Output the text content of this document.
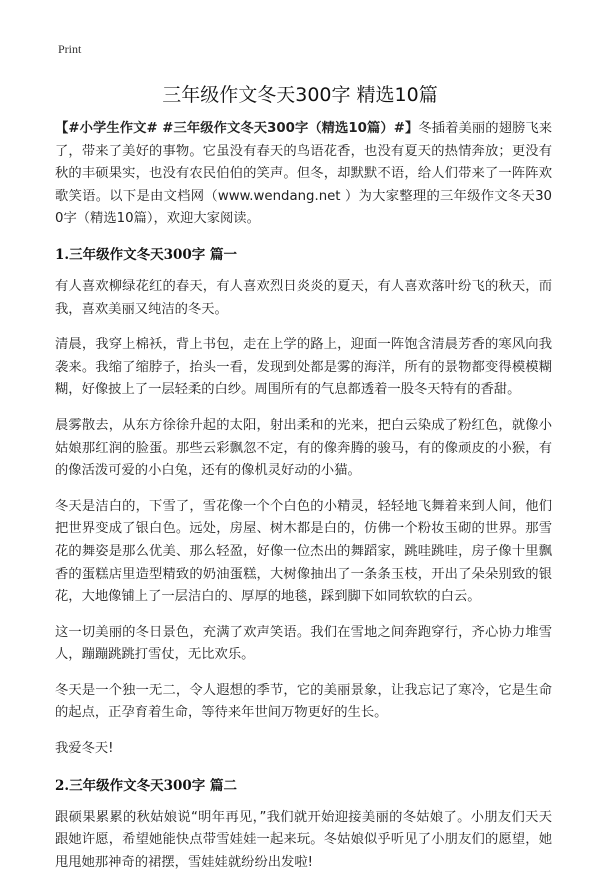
Print
三年级作文冬天300字 精选10篇

【#小学生作文# #三年级作文冬天300字（精选10篇）#】冬插着美丽的翅膀飞来了，带来了美好的事物。它虽没有春天的鸟语花香，也没有夏天的热情奔放；更没有秋的丰硕果实，也没有农民伯伯的笑声。但冬，却默默不语，给人们带来了一阵阵欢歌笑语。以下是由文档网（www.wendang.net ）为大家整理的三年级作文冬天300字（精选10篇），欢迎大家阅读。

1.三年级作文冬天300字 篇一

有人喜欢柳绿花红的春天，有人喜欢烈日炎炎的夏天，有人喜欢落叶纷飞的秋天，而我，喜欢美丽又纯洁的冬天。

清晨，我穿上棉袄，背上书包，走在上学的路上，迎面一阵饱含清晨芳香的寒风向我袭来。我缩了缩脖子，抬头一看，发现到处都是雾的海洋，所有的景物都变得模模糊糊，好像披上了一层轻柔的白纱。周围所有的气息都透着一股冬天特有的香甜。

晨雾散去，从东方徐徐升起的太阳，射出柔和的光来，把白云染成了粉红色，就像小姑娘那红润的脸蛋。那些云彩飘忽不定，有的像奔腾的骏马，有的像顽皮的小猴，有的像活泼可爱的小白兔，还有的像机灵好动的小猫。

冬天是洁白的，下雪了，雪花像一个个白色的小精灵，轻轻地飞舞着来到人间，他们把世界变成了银白色。远处，房屋、树木都是白的，仿佛一个粉妆玉砌的世界。那雪花的舞姿是那么优美、那么轻盈，好像一位杰出的舞蹈家，跳哇跳哇，房子像十里飘香的蛋糕店里造型精致的奶油蛋糕，大树像抽出了一条条玉枝，开出了朵朵别致的银花，大地像铺上了一层洁白的、厚厚的地毯，踩到脚下如同软软的白云。

这一切美丽的冬日景色，充满了欢声笑语。我们在雪地之间奔跑穿行，齐心协力堆雪人，蹦蹦跳跳打雪仗，无比欢乐。

冬天是一个独一无二，令人遐想的季节，它的美丽景象，让我忘记了寒冷，它是生命的起点，正孕育着生命，等待来年世间万物更好的生长。

我爱冬天!

2.三年级作文冬天300字 篇二

跟硕果累累的秋姑娘说“明年再见，”我们就开始迎接美丽的冬姑娘了。小朋友们天天跟她许愿，希望她能快点带雪娃娃一起来玩。冬姑娘似乎听见了小朋友们的愿望，她甩甩她那神奇的裙摆，雪娃娃就纷纷出发啦!
